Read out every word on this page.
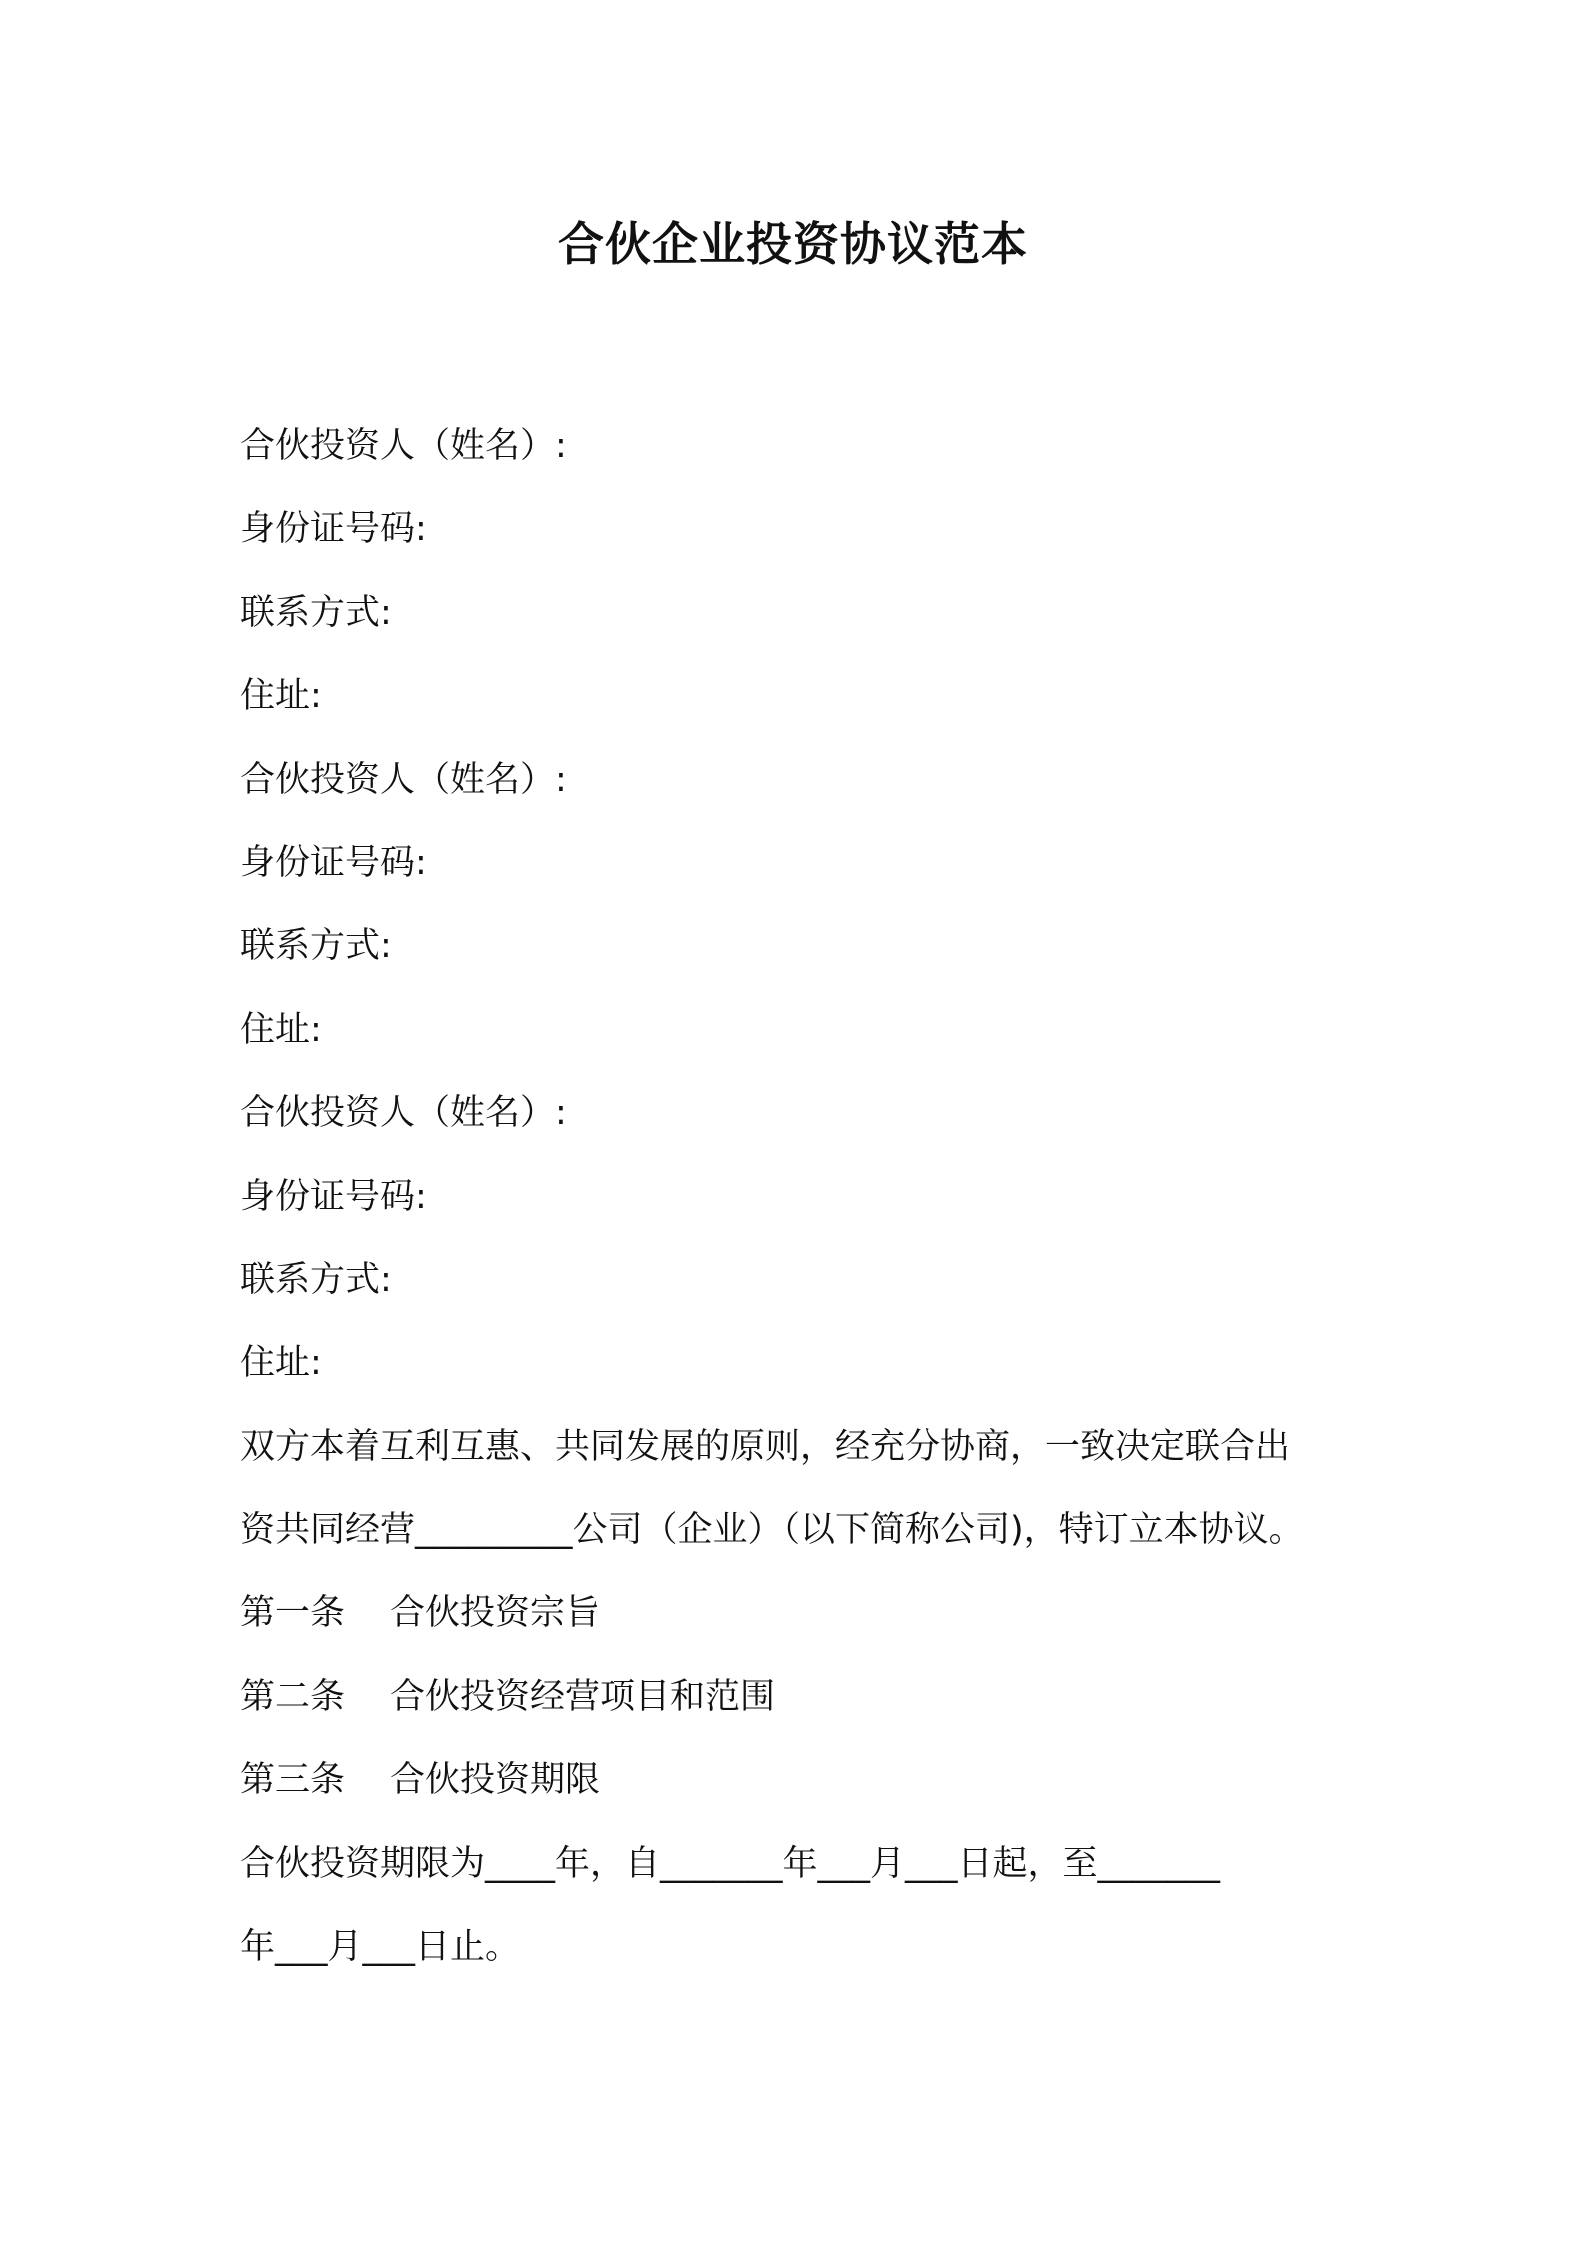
合伙企业投资协议范本
合伙投资人（姓名）:
身份证号码:
联系方式:
住址:
合伙投资人（姓名）:
身份证号码:
联系方式:
住址:
合伙投资人（姓名）:
身份证号码:
联系方式:
住址:
双方本着互利互惠、共同发展的原则，经充分协商，一致决定联合出
资共同经营_________公司（企业）（以下简称公司)，特订立本协议。
第一条 合伙投资宗旨
第二条 合伙投资经营项目和范围
第三条 合伙投资期限
合伙投资期限为____年，自_______年___月___日起，至_______
年___月___日止。
